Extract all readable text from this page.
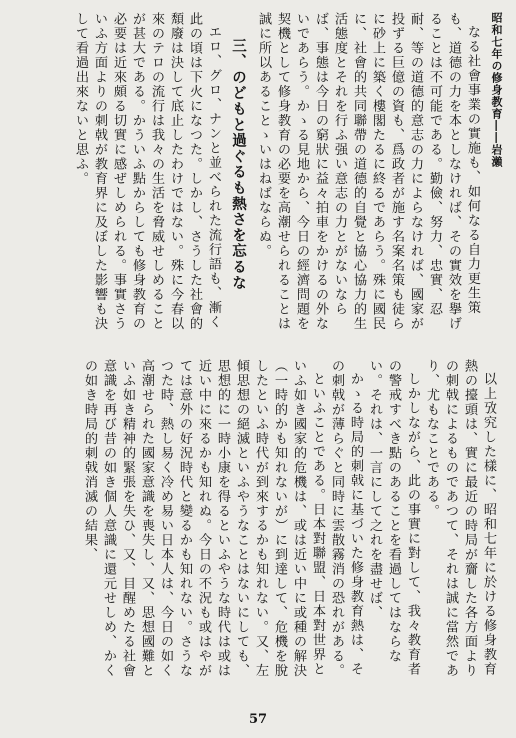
昭和七年の修身教育――岩瀨

なる社會事業の實施も、如何なる自力更生策も、道德の力を本としなければ、その實效を擧げることは不可能である。勤儉、努力、忠實、忍耐、等の道德的意志の力によらなければ、國家が投ずる巨億の資も、爲政者が施す名案名策も徒らに砂上に築く樓閣たるに終るであらう。殊に國民に、社會的共同聯帶の道德的自覺と協心協力的生活態度とそれを行ふ强い意志の力とがないならば、事態は今日の窮狀に益々拍車をかけるの外ないであらう。かゝる見地から、今日の經濟問題を契機として修身教育の必要を高潮せられることは誠に所以あることゝいはねばならぬ。

三、のどもと過ぐるも熱さを忘るな

エロ、グロ、ナンと並べられた流行語も、漸く此の頃は下火になつた。しかし、さうした社會的頽廢は決して底止したわけではない。殊に今春以來のテロの流行は我々の生活を脅威せしめることが甚大である。かういふ點からしても修身教育の必要は近來頗る切實に感ぜしめられる。事實さういふ方面よりの刺戟が教育界に及ぼした影響も決して看過出來ないと思ふ。

以上攷究した樣に、昭和七年に於ける修身教育熱の擡頭は、實に最近の時局が齎した各方面よりの刺戟によるものであつて、それは誠に當然であり、尤もなことである。

しかしながら、此の事實に對して、我々教育者の警戒すべき點のあることを看過してはならない。それは、一言にして之れを盡せば、

かゝる時局的刺戟に基づいた修身教育熱は、その刺戟が薄らぐと同時に雲散霧消の恐れがある。

といふことである。日本對聯盟、日本對世界といふ如き國家的危機は、或は近い中に或種の解決（一時的かも知れないが）に到達して、危機を脫したといふ時代が到來するかも知れない。又、左傾思想の絕滅といふやうなことはないにしても、思想的に一時小康を得るといふやうな時代は或は近い中に來るかも知れぬ。今日の不況も或はやがては意外の好況時代と變るかも知れない。さうなつた時、熱し易く冷め易い日本人は、今日の如く高潮せられた國家意識を喪失し、又、思想國難といふ如き精神的緊張を失ひ、又、目醒めたる社會意識を再び昔の如き個人意識に還元せしめ、かくの如き時局的刺戟消滅の結果、

57
